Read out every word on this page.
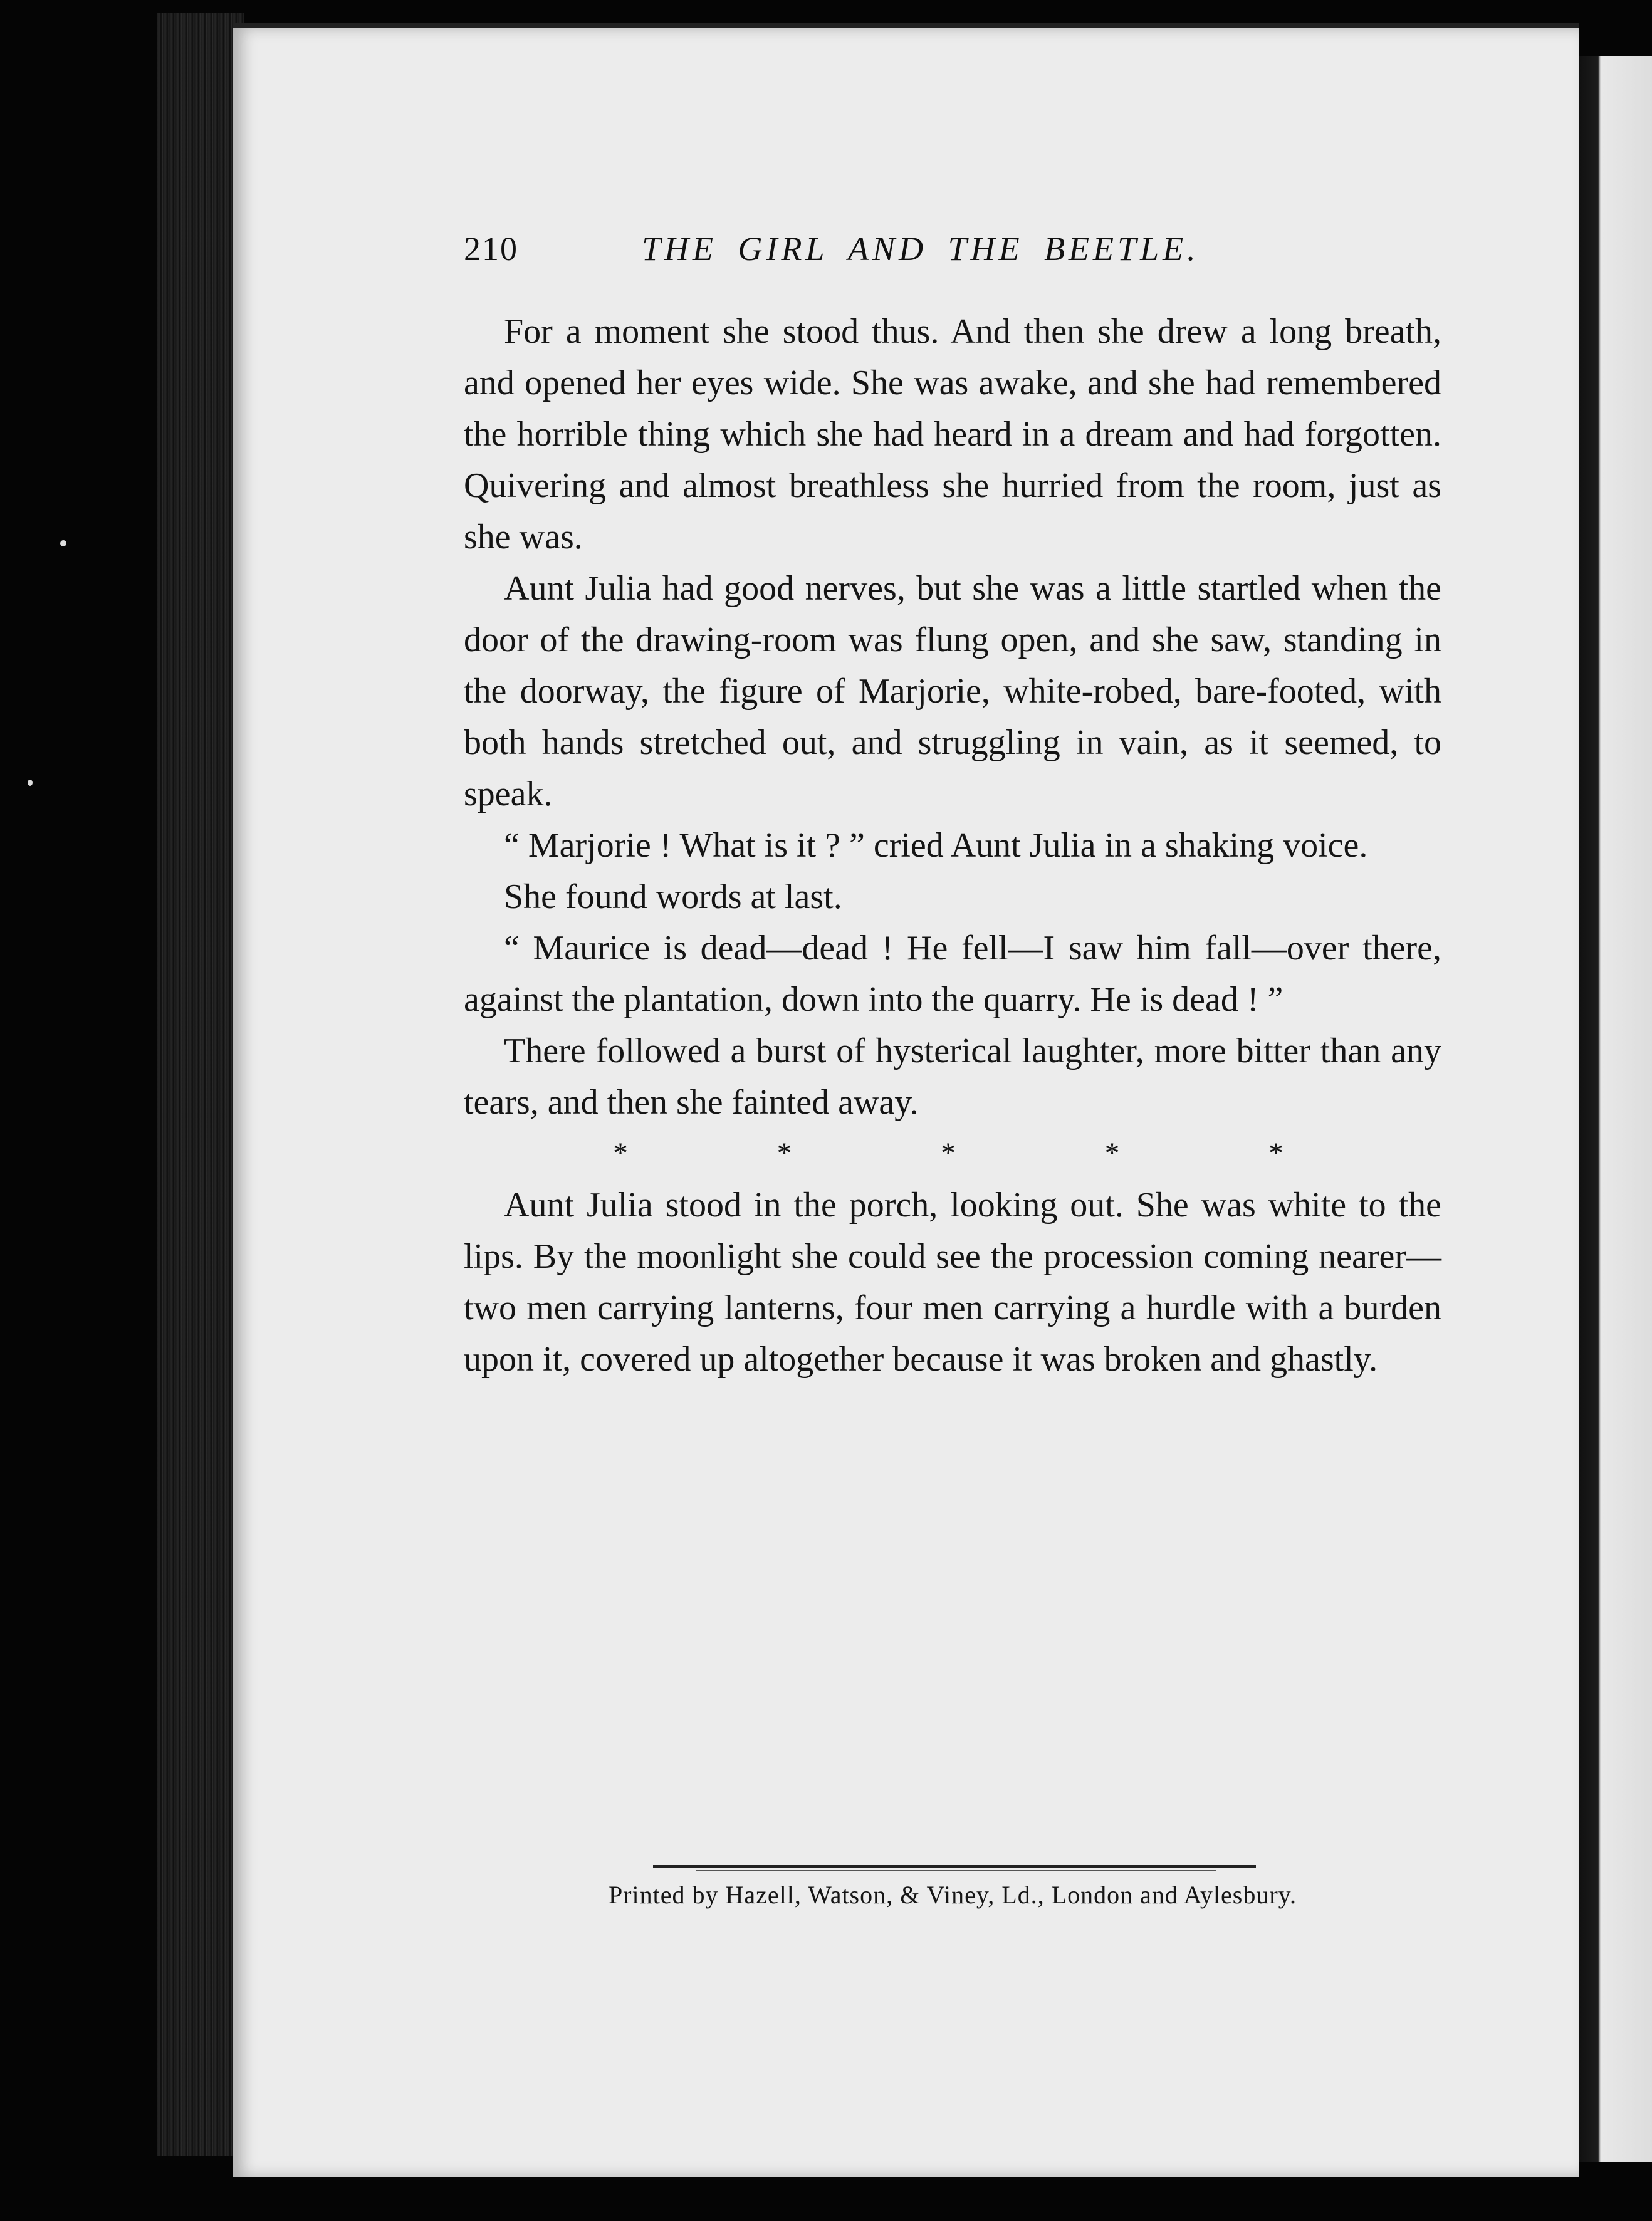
210	THE GIRL AND THE BEETLE.

For a moment she stood thus. And then she drew a long breath, and opened her eyes wide. She was awake, and she had remembered the horrible thing which she had heard in a dream and had forgotten. Quivering and almost breathless she hurried from the room, just as she was.

Aunt Julia had good nerves, but she was a little startled when the door of the drawing-room was flung open, and she saw, standing in the doorway, the figure of Marjorie, white-robed, bare-footed, with both hands stretched out, and struggling in vain, as it seemed, to speak.

“ Marjorie ! What is it ? ” cried Aunt Julia in a shaking voice.

She found words at last.

“ Maurice is dead—dead ! He fell—I saw him fall—over there, against the plantation, down into the quarry. He is dead ! ”

There followed a burst of hysterical laughter, more bitter than any tears, and then she fainted away.

*	*	*	*	*

Aunt Julia stood in the porch, looking out. She was white to the lips. By the moonlight she could see the procession coming nearer—two men carrying lanterns, four men carrying a hurdle with a burden upon it, covered up altogether because it was broken and ghastly.

Printed by Hazell, Watson, & Viney, Ld., London and Aylesbury.
